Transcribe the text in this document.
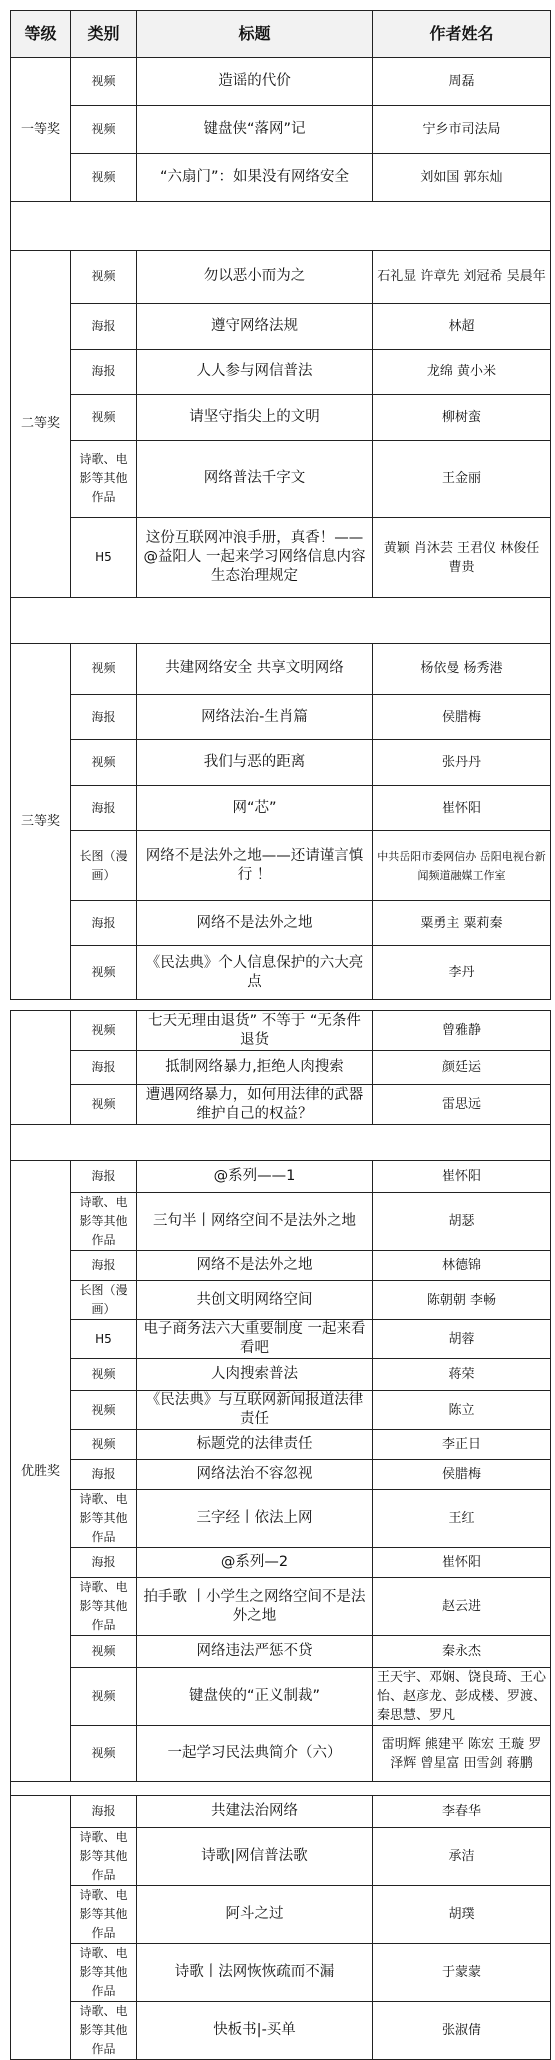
等级	类别	标题	作者姓名
一等奖	视频	造谣的代价	周磊
	视频	键盘侠“落网”记	宁乡市司法局
	视频	“六扇门”：如果没有网络安全	刘如国 郭东灿

二等奖	视频	勿以恶小而为之	石礼显 许章先 刘冠希 吴晨年
	海报	遵守网络法规	林超
	海报	人人参与网信普法	龙绵 黄小米
	视频	请坚守指尖上的文明	柳树蛮
	诗歌、电影等其他作品	网络普法千字文	王金丽
	H5	这份互联网冲浪手册，真香！——@益阳人 一起来学习网络信息内容生态治理规定	黄颖 肖沐芸 王君仪 林俊任 曹贵

三等奖	视频	共建网络安全 共享文明网络	杨依曼 杨秀港
	海报	网络法治-生肖篇	侯腊梅
	视频	我们与恶的距离	张丹丹
	海报	网“芯”	崔怀阳
	长图（漫画）	网络不是法外之地——还请谨言慎行 ！	中共岳阳市委网信办 岳阳电视台新闻频道融媒工作室
	海报	网络不是法外之地	粟勇主 粟莉秦
	视频	《民法典》个人信息保护的六大亮点	李丹
	视频	七天无理由退货” 不等于 “无条件退货	曾雅静
	海报	抵制网络暴力,拒绝人肉搜索	颜廷运
	视频	遭遇网络暴力，如何用法律的武器维护自己的权益？	雷思远

优胜奖	海报	@系列——1	崔怀阳
	诗歌、电影等其他作品	三句半丨网络空间不是法外之地	胡瑟
	海报	网络不是法外之地	林德锦
	长图（漫画）	共创文明网络空间	陈朝朝 李畅
	H5	电子商务法六大重要制度 一起来看看吧	胡蓉
	视频	人肉搜索普法	蒋荣
	视频	《民法典》与互联网新闻报道法律责任	陈立
	视频	标题党的法律责任	李正日
	海报	网络法治不容忽视	侯腊梅
	诗歌、电影等其他作品	三字经丨依法上网	王红
	海报	@系列—2	崔怀阳
	诗歌、电影等其他作品	拍手歌 丨小学生之网络空间不是法外之地	赵云进
	视频	网络违法严惩不贷	秦永杰
	视频	键盘侠的“正义制裁”	王天宇、邓娴、饶良琦、王心怡、赵彦龙、彭成楼、罗渡、秦思慧、罗凡
	视频	一起学习民法典简介（六）	雷明辉 熊建平 陈宏 王璇 罗泽辉 曾星富 田雪剑 蒋鹏

	海报	共建法治网络	李春华
	诗歌、电影等其他作品	诗歌|网信普法歌	承洁
	诗歌、电影等其他作品	阿斗之过	胡璞
	诗歌、电影等其他作品	诗歌丨法网恢恢疏而不漏	于蒙蒙
	诗歌、电影等其他作品	快板书|-买单	张淑倩
